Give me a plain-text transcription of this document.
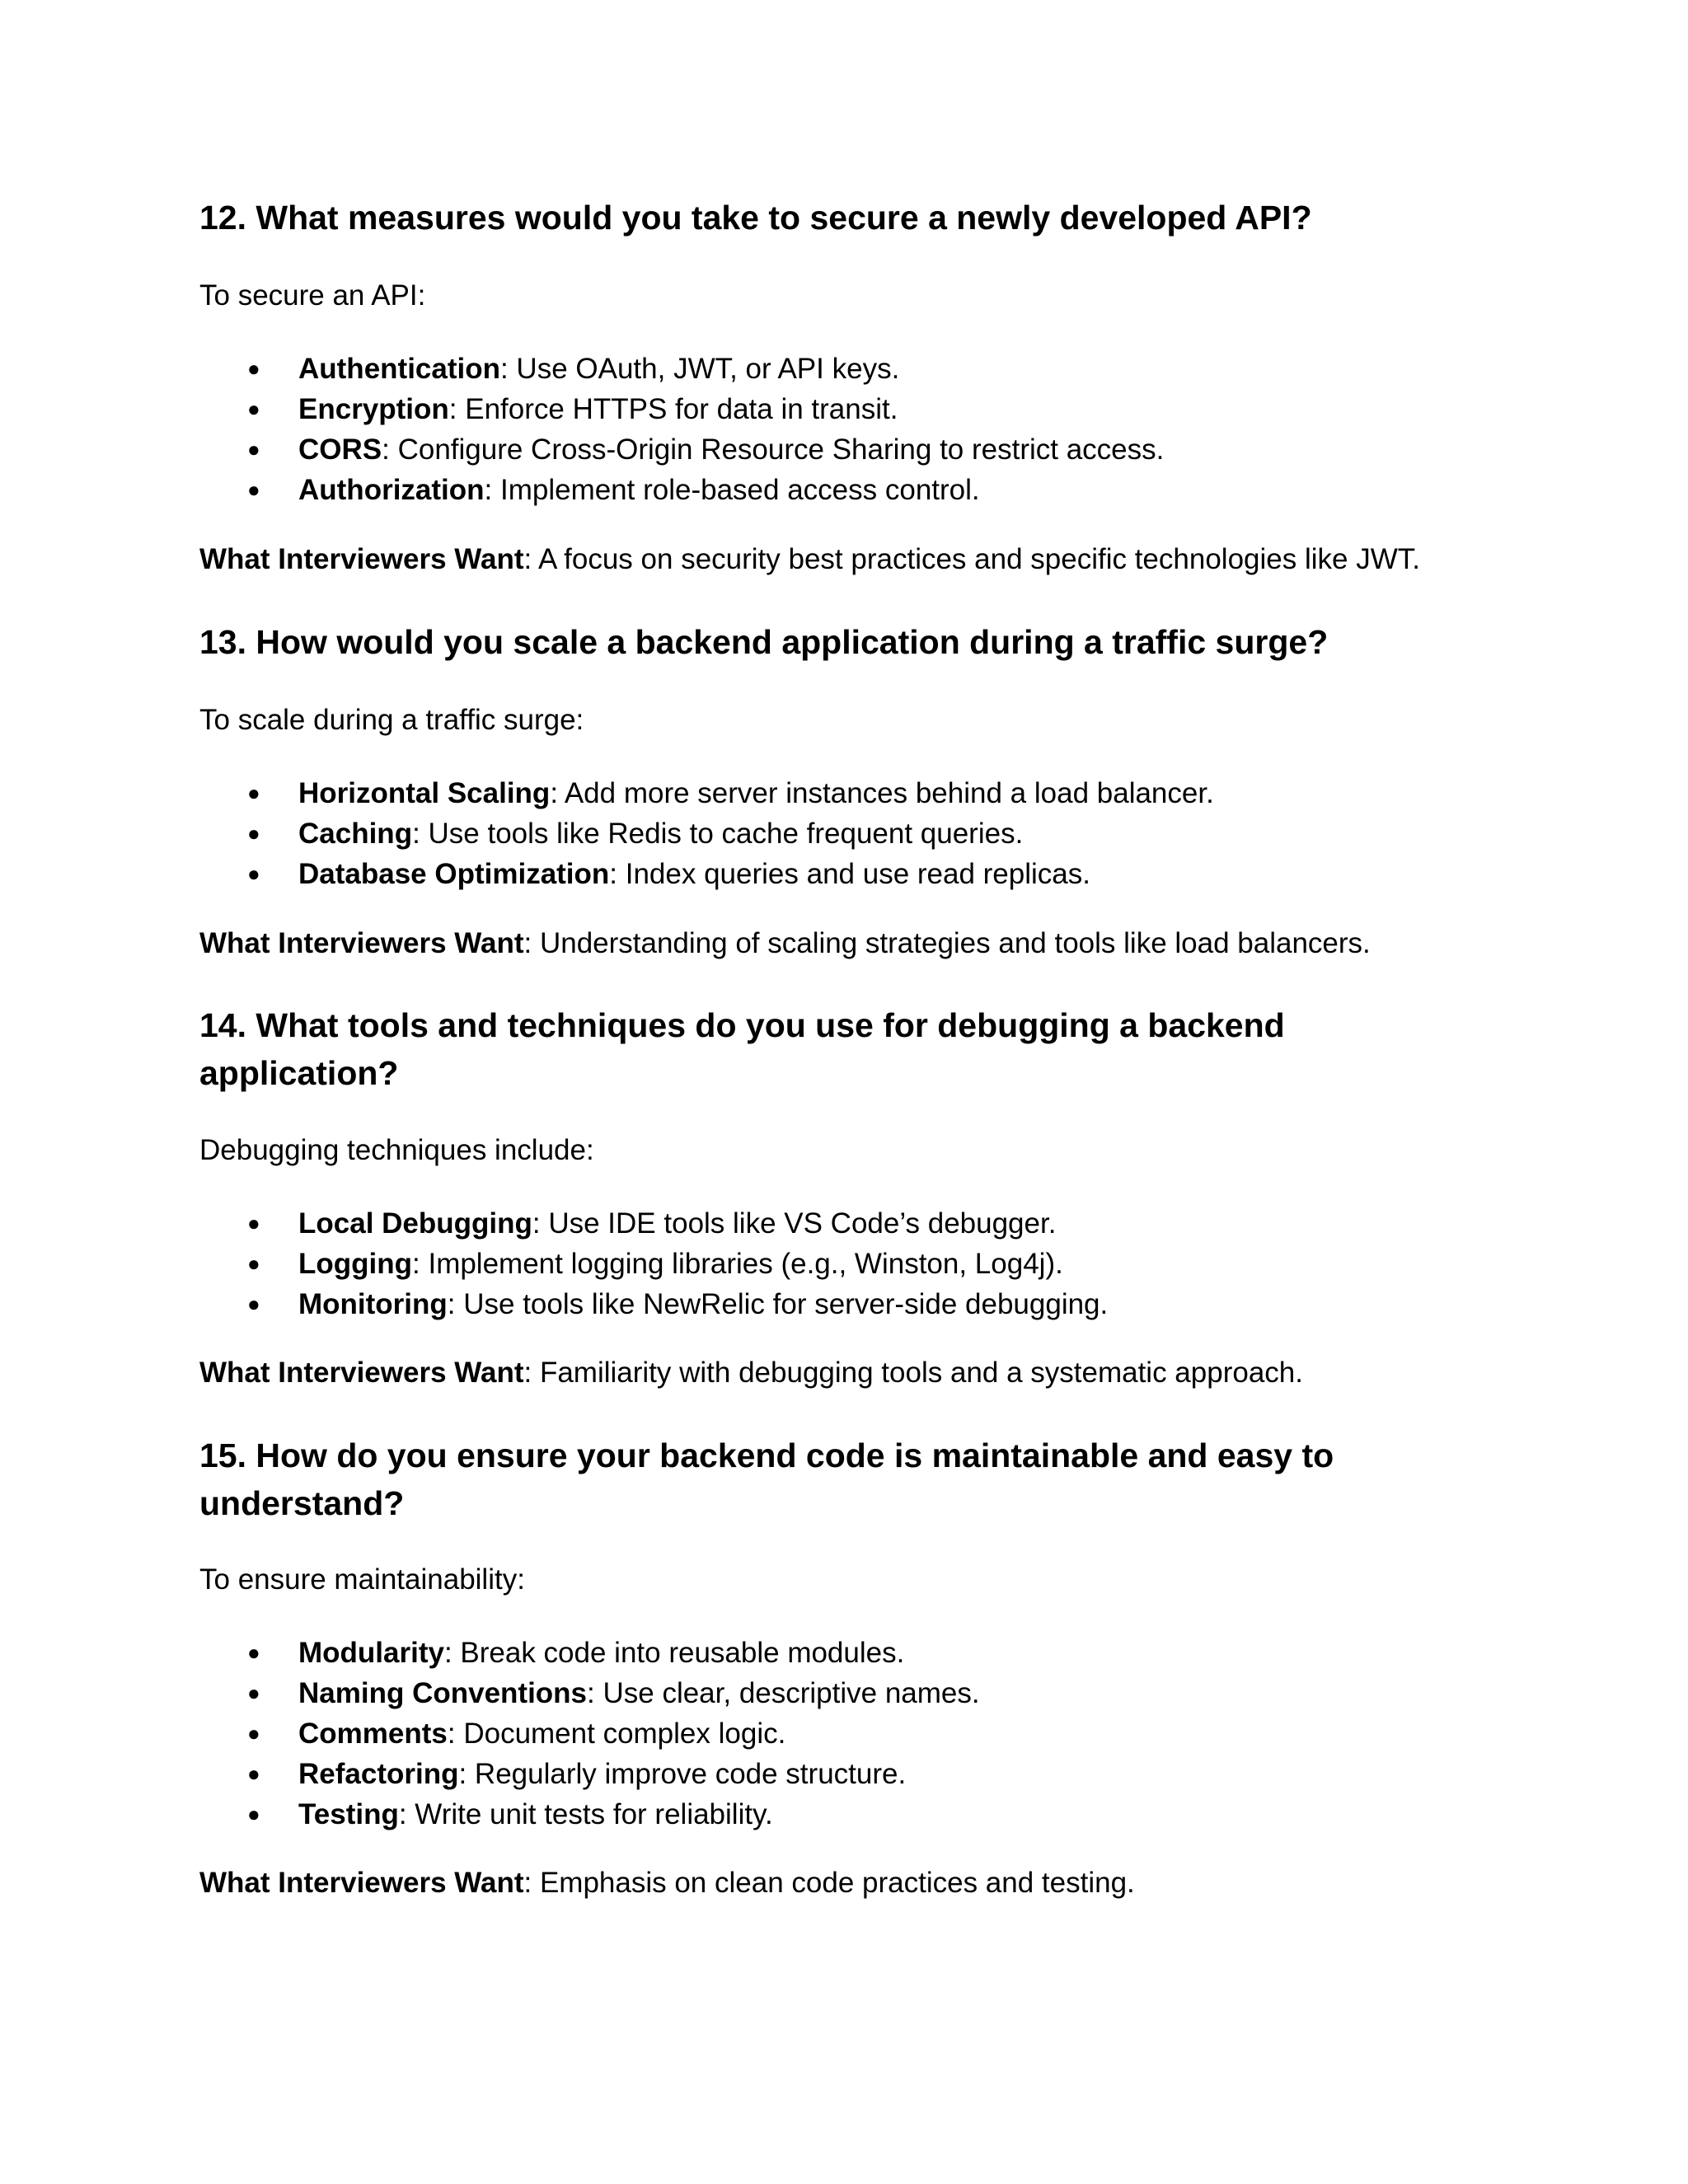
12. What measures would you take to secure a newly developed API?

To secure an API:

● Authentication: Use OAuth, JWT, or API keys.
● Encryption: Enforce HTTPS for data in transit.
● CORS: Configure Cross-Origin Resource Sharing to restrict access.
● Authorization: Implement role-based access control.

What Interviewers Want: A focus on security best practices and specific technologies like JWT.

13. How would you scale a backend application during a traffic surge?

To scale during a traffic surge:

● Horizontal Scaling: Add more server instances behind a load balancer.
● Caching: Use tools like Redis to cache frequent queries.
● Database Optimization: Index queries and use read replicas.

What Interviewers Want: Understanding of scaling strategies and tools like load balancers.

14. What tools and techniques do you use for debugging a backend
application?

Debugging techniques include:

● Local Debugging: Use IDE tools like VS Code’s debugger.
● Logging: Implement logging libraries (e.g., Winston, Log4j).
● Monitoring: Use tools like NewRelic for server-side debugging.

What Interviewers Want: Familiarity with debugging tools and a systematic approach.

15. How do you ensure your backend code is maintainable and easy to
understand?

To ensure maintainability:

● Modularity: Break code into reusable modules.
● Naming Conventions: Use clear, descriptive names.
● Comments: Document complex logic.
● Refactoring: Regularly improve code structure.
● Testing: Write unit tests for reliability.

What Interviewers Want: Emphasis on clean code practices and testing.
